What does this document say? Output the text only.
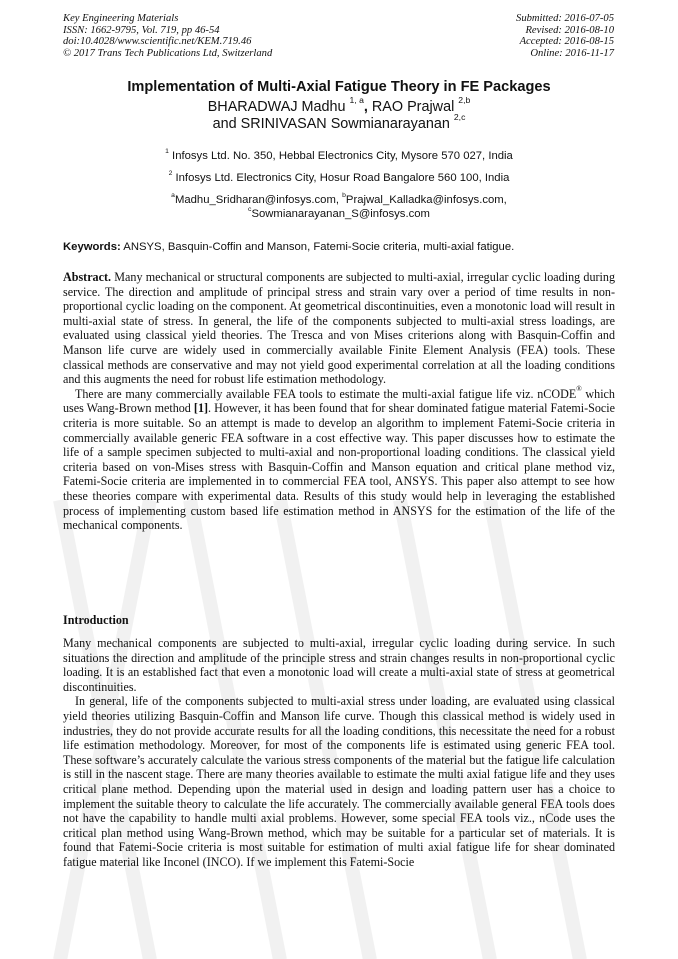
Key Engineering Materials
ISSN: 1662-9795, Vol. 719, pp 46-54
doi:10.4028/www.scientific.net/KEM.719.46
© 2017 Trans Tech Publications Ltd, Switzerland
Submitted: 2016-07-05
Revised: 2016-08-10
Accepted: 2016-08-15
Online: 2016-11-17
Implementation of Multi-Axial Fatigue Theory in FE Packages
BHARADWAJ Madhu $^{1, a}$, RAO Prajwal $^{2,b}$
and SRINIVASAN Sowmianarayanan $^{2,c}$
$^1$ Infosys Ltd. No. 350, Hebbal Electronics City, Mysore 570 027, India
$^2$ Infosys Ltd. Electronics City, Hosur Road Bangalore 560 100, India
$^a$Madhu_Sridharan@infosys.com, $^b$Prajwal_Kalladka@infosys.com,
$^c$Sowmianarayanan_S@infosys.com
Keywords: ANSYS, Basquin-Coffin and Manson, Fatemi-Socie criteria, multi-axial fatigue.

Abstract. Many mechanical or structural components are subjected to multi-axial, irregular cyclic loading during service. The direction and amplitude of principal stress and strain vary over a period of time results in non-proportional cyclic loading on the component. At geometrical discontinuities, even a monotonic load will result in multi-axial state of stress. In general, the life of the components subjected to multi-axial stress loadings, are evaluated using classical yield theories. The Tresca and von Mises criterions along with Basquin-Coffin and Manson life curve are widely used in commercially available Finite Element Analysis (FEA) tools. These classical methods are conservative and may not yield good experimental correlation at all the loading conditions and this augments the need for robust life estimation methodology.

There are many commercially available FEA tools to estimate the multi-axial fatigue life viz. nCODE® which uses Wang-Brown method [1]. However, it has been found that for shear dominated fatigue material Fatemi-Socie criteria is more suitable. So an attempt is made to develop an algorithm to implement Fatemi-Socie criteria in commercially available generic FEA software in a cost effective way. This paper discusses how to estimate the life of a sample specimen subjected to multi-axial and non-proportional loading conditions. The classical yield criteria based on von-Mises stress with Basquin-Coffin and Manson equation and critical plane method viz, Fatemi-Socie criteria are implemented in to commercial FEA tool, ANSYS. This paper also attempt to see how these theories compare with experimental data. Results of this study would help in leveraging the established process of implementing custom based life estimation method in ANSYS for the estimation of the life of the mechanical components.

Introduction

Many mechanical components are subjected to multi-axial, irregular cyclic loading during service. In such situations the direction and amplitude of the principle stress and strain changes results in non-proportional cyclic loading. It is an established fact that even a monotonic load will create a multi-axial state of stress at geometrical discontinuities.

In general, life of the components subjected to multi-axial stress under loading, are evaluated using classical yield theories utilizing Basquin-Coffin and Manson life curve. Though this classical method is widely used in industries, they do not provide accurate results for all the loading conditions, this necessitate the need for a robust life estimation methodology. Moreover, for most of the components life is estimated using generic FEA tool. These software’s accurately calculate the various stress components of the material but the fatigue life calculation is still in the nascent stage. There are many theories available to estimate the multi axial fatigue life and they uses critical plane method. Depending upon the material used in design and loading pattern user has a choice to implement the suitable theory to calculate the life accurately. The commercially available general FEA tools does not have the capability to handle multi axial problems. However, some special FEA tools viz., nCode uses the critical plan method using Wang-Brown method, which may be suitable for a particular set of materials. It is found that Fatemi-Socie criteria is most suitable for estimation of multi axial fatigue life for shear dominated fatigue material like Inconel (INCO). If we implement this Fatemi-Socie
